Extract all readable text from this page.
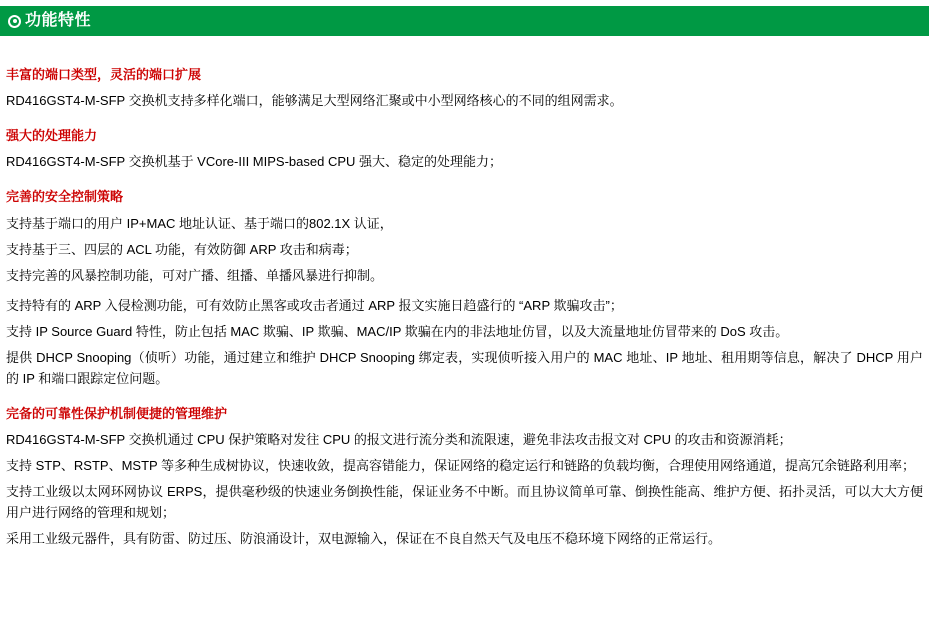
功能特性
丰富的端口类型，灵活的端口扩展

RD416GST4-M-SFP 交换机支持多样化端口，能够满足大型网络汇聚或中小型网络核心的不同的组网需求。

强大的处理能力

RD416GST4-M-SFP 交换机基于 VCore-III MIPS-based CPU 强大、稳定的处理能力；

完善的安全控制策略

支持基于端口的用户 IP+MAC 地址认证、基于端口的802.1X 认证，

支持基于三、四层的 ACL 功能，有效防御 ARP 攻击和病毒；

支持完善的风暴控制功能，可对广播、组播、单播风暴进行抑制。

支持特有的 ARP 入侵检测功能，可有效防止黑客或攻击者通过 ARP 报文实施日趋盛行的 “ARP 欺骗攻击”；

支持 IP Source Guard 特性，防止包括 MAC 欺骗、IP 欺骗、MAC/IP 欺骗在内的非法地址仿冒，以及大流量地址仿冒带来的 DoS 攻击。

提供 DHCP Snooping（侦听）功能，通过建立和维护 DHCP Snooping 绑定表，实现侦听接入用户的 MAC 地址、IP 地址、租用期等信息，解决了 DHCP 用户的 IP 和端口跟踪定位问题。

完备的可靠性保护机制便捷的管理维护

RD416GST4-M-SFP 交换机通过 CPU 保护策略对发往 CPU 的报文进行流分类和流限速，避免非法攻击报文对 CPU 的攻击和资源消耗；

支持 STP、RSTP、MSTP 等多种生成树协议，快速收敛，提高容错能力，保证网络的稳定运行和链路的负载均衡，合理使用网络通道，提高冗余链路利用率；

支持工业级以太网环网协议 ERPS，提供毫秒级的快速业务倒换性能，保证业务不中断。而且协议简单可靠、倒换性能高、维护方便、拓扑灵活，可以大大方便用户进行网络的管理和规划；

采用工业级元器件，具有防雷、防过压、防浪涌设计，双电源输入，保证在不良自然天气及电压不稳环境下网络的正常运行。
